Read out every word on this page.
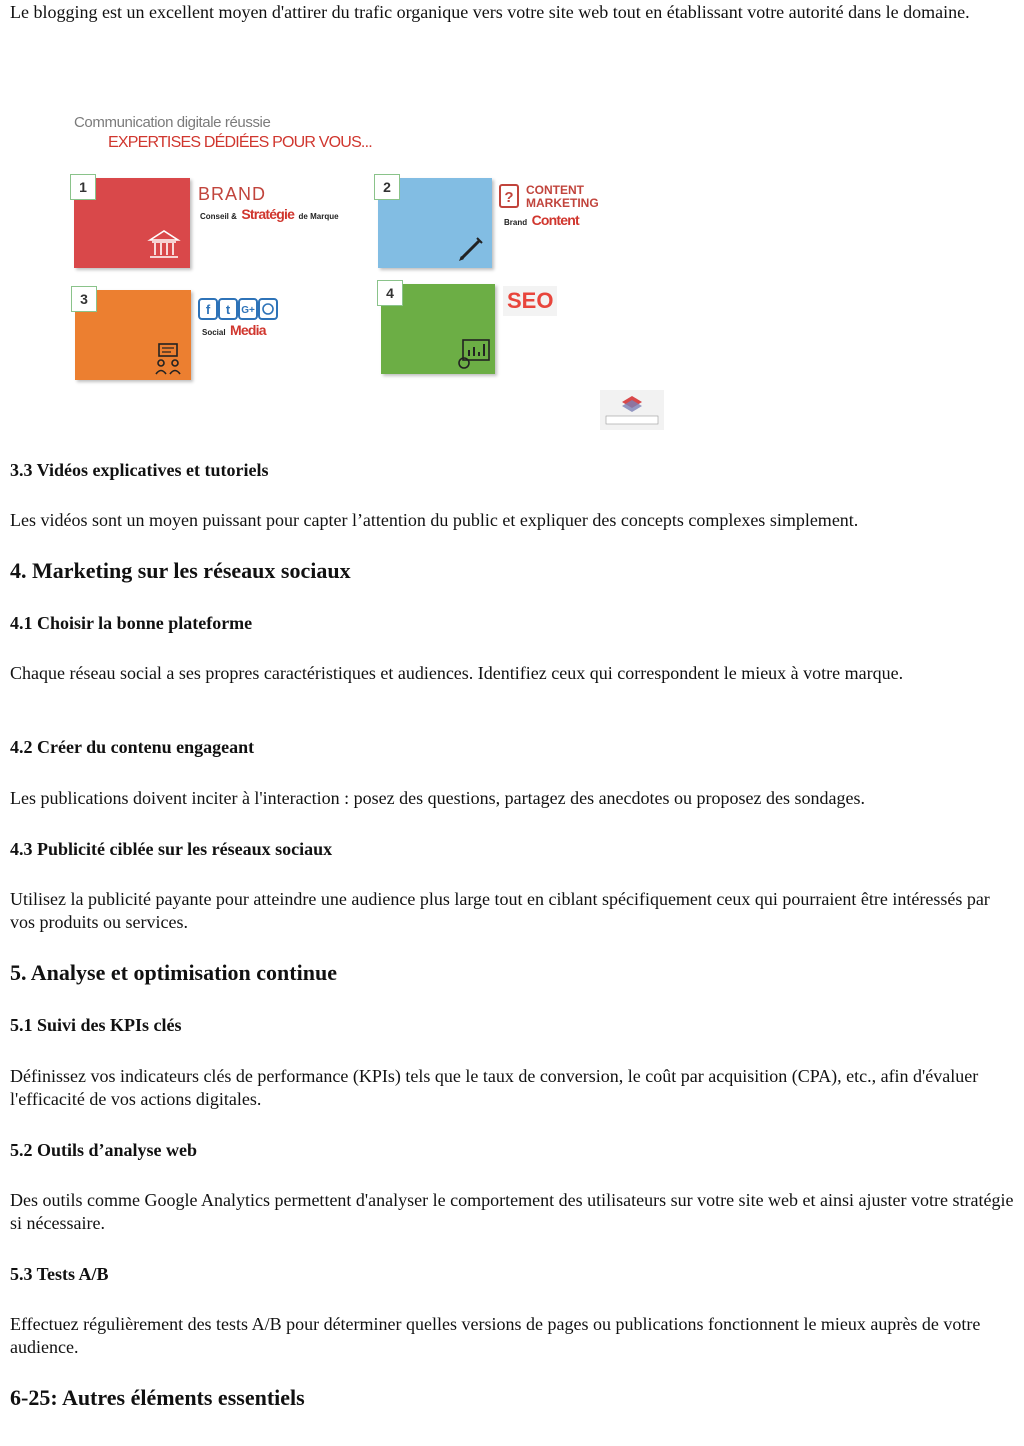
Le blogging est un excellent moyen d'attirer du trafic organique vers votre site web tout en établissant votre autorité dans le domaine.

Communication digitale réussie
EXPERTISES DÉDIÉES POUR VOUS...
1	BRAND
Conseil & Stratégie de Marque
2
? CONTENT
MARKETING
Brand Content
3
f t G+
Social Media
4	SEO
3.3 Vidéos explicatives et tutoriels

Les vidéos sont un moyen puissant pour capter l’attention du public et expliquer des concepts complexes simplement.

4. Marketing sur les réseaux sociaux
4.1 Choisir la bonne plateforme

Chaque réseau social a ses propres caractéristiques et audiences. Identifiez ceux qui correspondent le mieux à votre marque.

4.2 Créer du contenu engageant

Les publications doivent inciter à l'interaction : posez des questions, partagez des anecdotes ou proposez des sondages.

4.3 Publicité ciblée sur les réseaux sociaux

Utilisez la publicité payante pour atteindre une audience plus large tout en ciblant spécifiquement ceux qui pourraient être intéressés par vos produits ou services.

5. Analyse et optimisation continue
5.1 Suivi des KPIs clés

Définissez vos indicateurs clés de performance (KPIs) tels que le taux de conversion, le coût par acquisition (CPA), etc., afin d'évaluer l'efficacité de vos actions digitales.

5.2 Outils d’analyse web

Des outils comme Google Analytics permettent d'analyser le comportement des utilisateurs sur votre site web et ainsi ajuster votre stratégie si nécessaire.

5.3 Tests A/B

Effectuez régulièrement des tests A/B pour déterminer quelles versions de pages ou publications fonctionnent le mieux auprès de votre audience.

6-25: Autres éléments essentiels
